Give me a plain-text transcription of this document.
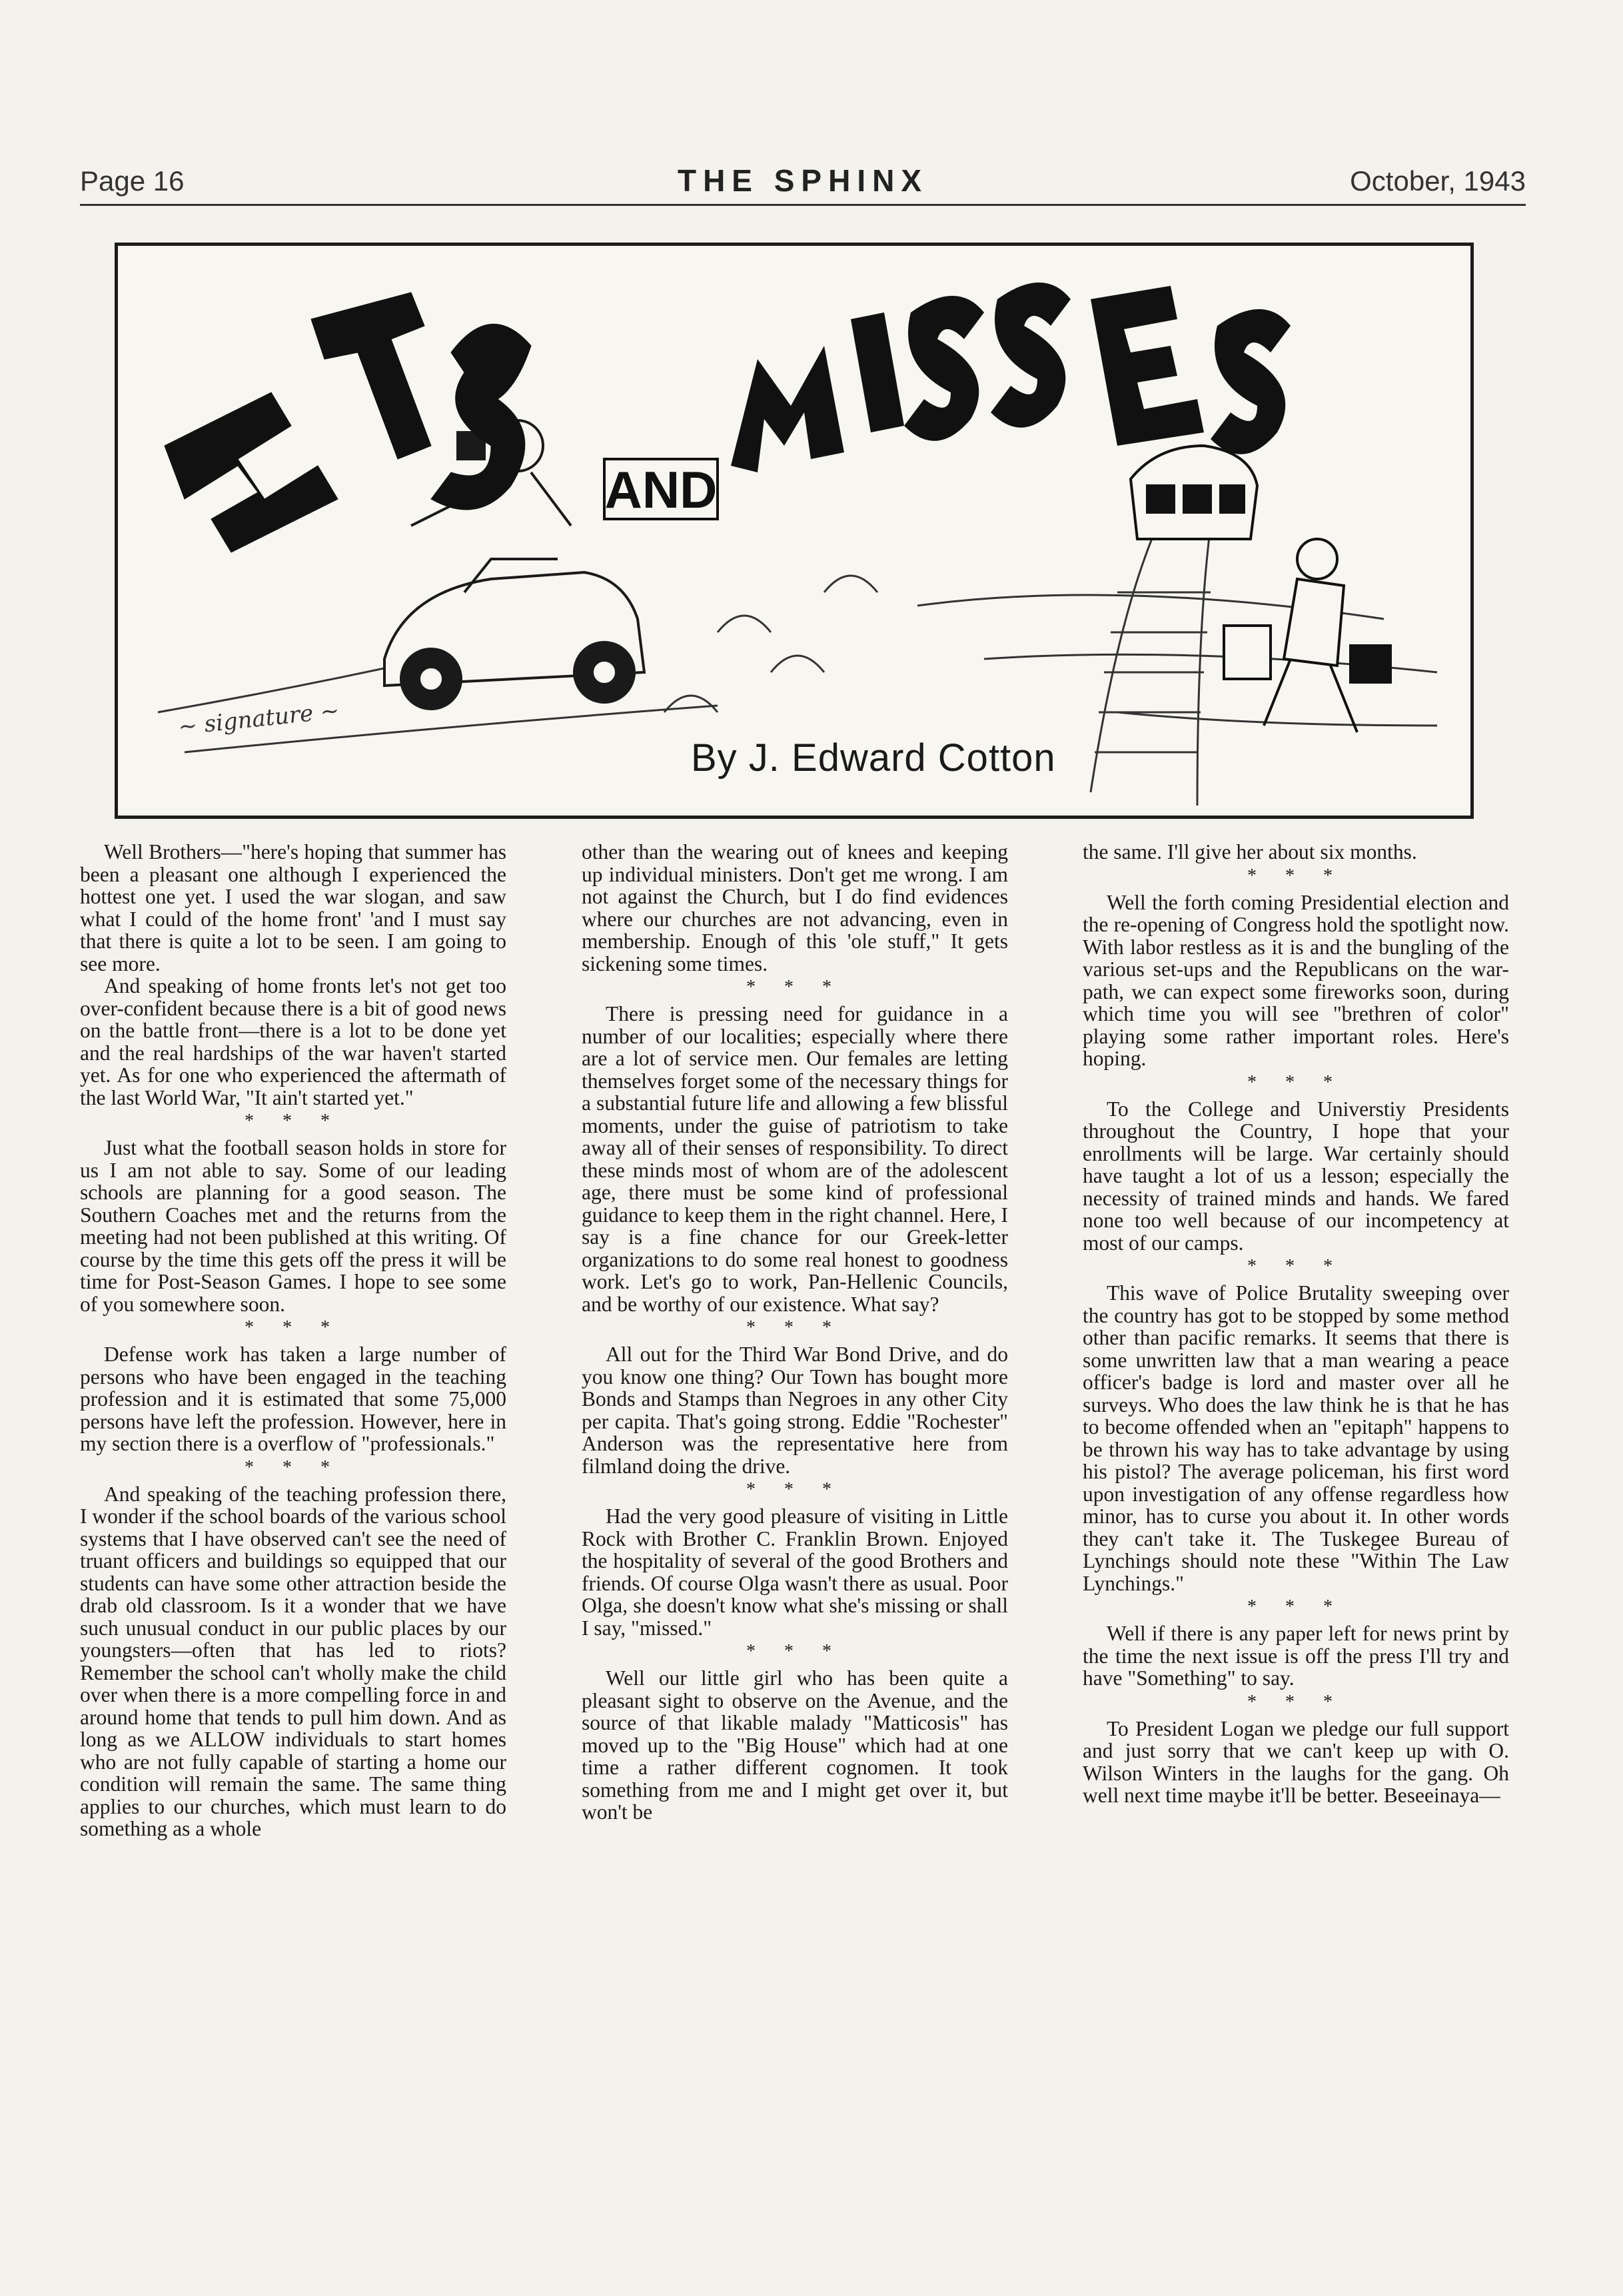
Page 16	THE SPHINX	October, 1943
AND
~ signature ~
By J. Edward Cotton

Well Brothers—"here's hoping that summer has been a pleasant one although I experienced the hottest one yet. I used the war slogan, and saw what I could of the home front' 'and I must say that there is quite a lot to be seen. I am going to see more.

And speaking of home fronts let's not get too over-confident because there is a bit of good news on the battle front—there is a lot to be done yet and the real hardships of the war haven't started yet. As for one who experienced the aftermath of the last World War, "It ain't started yet."

* * *

Just what the football season holds in store for us I am not able to say. Some of our leading schools are planning for a good season. The Southern Coaches met and the returns from the meeting had not been published at this writing. Of course by the time this gets off the press it will be time for Post-Season Games. I hope to see some of you somewhere soon.

* * *

Defense work has taken a large number of persons who have been engaged in the teaching profession and it is estimated that some 75,000 persons have left the profession. However, here in my section there is a overflow of "professionals."

* * *

And speaking of the teaching profession there, I wonder if the school boards of the various school systems that I have observed can't see the need of truant officers and buildings so equipped that our students can have some other attraction beside the drab old classroom. Is it a wonder that we have such unusual conduct in our public places by our youngsters—often that has led to riots? Remember the school can't wholly make the child over when there is a more compelling force in and around home that tends to pull him down. And as long as we ALLOW individuals to start homes who are not fully capable of starting a home our condition will remain the same. The same thing applies to our churches, which must learn to do something as a whole

other than the wearing out of knees and keeping up individual ministers. Don't get me wrong. I am not against the Church, but I do find evidences where our churches are not advancing, even in membership. Enough of this 'ole stuff," It gets sickening some times.

* * *

There is pressing need for guidance in a number of our localities; especially where there are a lot of service men. Our females are letting themselves forget some of the necessary things for a substantial future life and allowing a few blissful moments, under the guise of patriotism to take away all of their senses of responsibility. To direct these minds most of whom are of the adolescent age, there must be some kind of professional guidance to keep them in the right channel. Here, I say is a fine chance for our Greek-letter organizations to do some real honest to goodness work. Let's go to work, Pan-Hellenic Councils, and be worthy of our existence. What say?

* * *

All out for the Third War Bond Drive, and do you know one thing? Our Town has bought more Bonds and Stamps than Negroes in any other City per capita. That's going strong. Eddie "Rochester" Anderson was the representative here from filmland doing the drive.

* * *

Had the very good pleasure of visiting in Little Rock with Brother C. Franklin Brown. Enjoyed the hospitality of several of the good Brothers and friends. Of course Olga wasn't there as usual. Poor Olga, she doesn't know what she's missing or shall I say, "missed."

* * *

Well our little girl who has been quite a pleasant sight to observe on the Avenue, and the source of that likable malady "Matticosis" has moved up to the "Big House" which had at one time a rather different cognomen. It took something from me and I might get over it, but won't be

the same. I'll give her about six months.

* * *

Well the forth coming Presidential election and the re-opening of Congress hold the spotlight now. With labor restless as it is and the bungling of the various set-ups and the Republicans on the war-path, we can expect some fireworks soon, during which time you will see "brethren of color" playing some rather important roles. Here's hoping.

* * *

To the College and Universtiy Presidents throughout the Country, I hope that your enrollments will be large. War certainly should have taught a lot of us a lesson; especially the necessity of trained minds and hands. We fared none too well because of our incompetency at most of our camps.

* * *

This wave of Police Brutality sweeping over the country has got to be stopped by some method other than pacific remarks. It seems that there is some unwritten law that a man wearing a peace officer's badge is lord and master over all he surveys. Who does the law think he is that he has to become offended when an "epitaph" happens to be thrown his way has to take advantage by using his pistol? The average policeman, his first word upon investigation of any offense regardless how minor, has to curse you about it. In other words they can't take it. The Tuskegee Bureau of Lynchings should note these "Within The Law Lynchings."

* * *

Well if there is any paper left for news print by the time the next issue is off the press I'll try and have "Something" to say.

* * *

To President Logan we pledge our full support and just sorry that we can't keep up with O. Wilson Winters in the laughs for the gang. Oh well next time maybe it'll be better. Beseeinaya—
